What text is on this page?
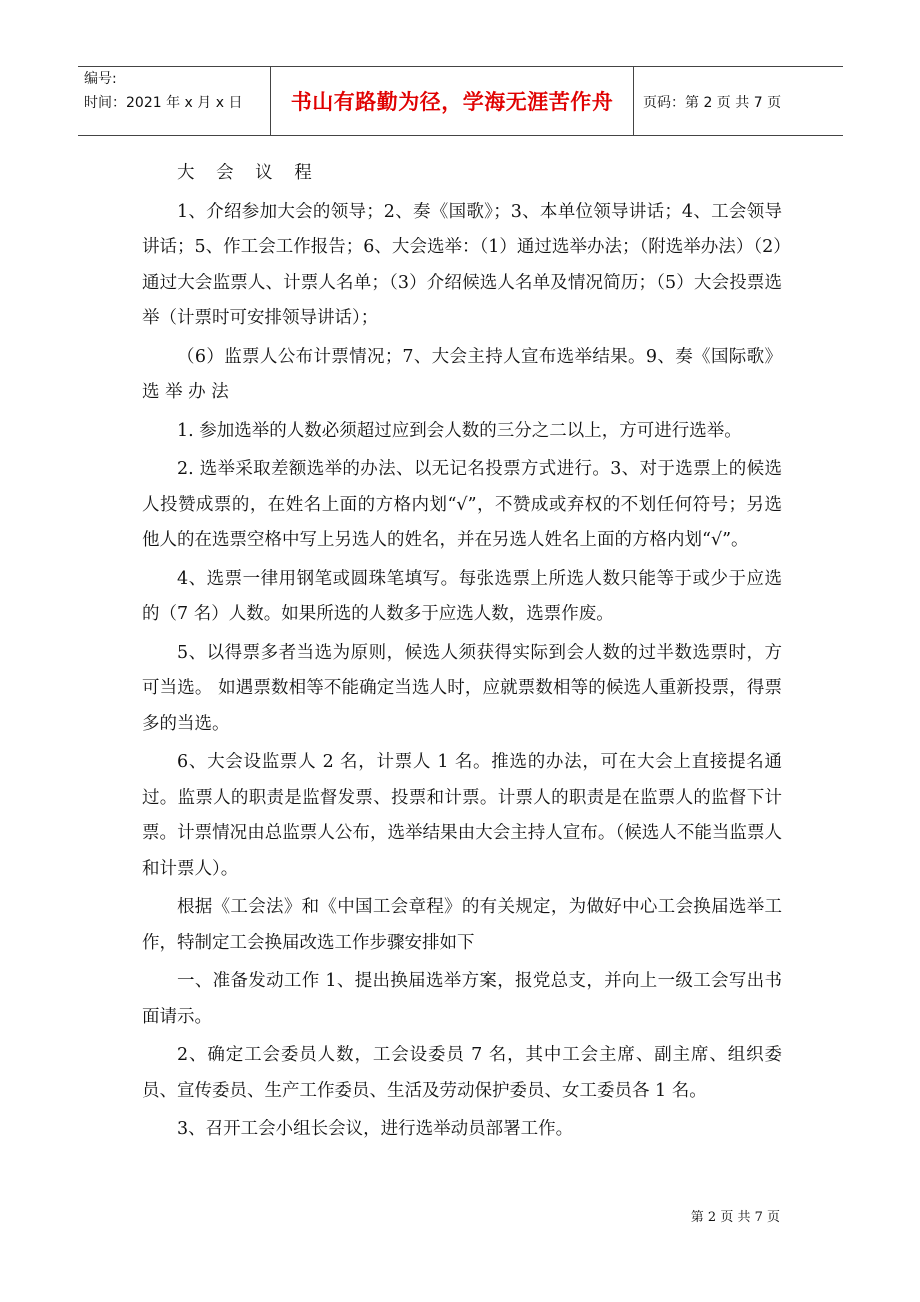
编号:
时间：2021 年 x 月 x 日 书山有路勤为径，学海无涯苦作舟 页码：第 2 页 共 7 页

大 会 议 程

1、介绍参加大会的领导；2、奏《国歌》；3、本单位领导讲话；4、工会领导讲话；5、作工会工作报告；6、大会选举：（1）通过选举办法；（附选举办法）（2）通过大会监票人、计票人名单；（3）介绍候选人名单及情况简历；（5）大会投票选举（计票时可安排领导讲话）；

（6）监票人公布计票情况；7、大会主持人宣布选举结果。9、奏《国际歌》选 举 办 法

1. 参加选举的人数必须超过应到会人数的三分之二以上，方可进行选举。

2. 选举采取差额选举的办法、以无记名投票方式进行。3、对于选票上的候选人投赞成票的，在姓名上面的方格内划“√”，不赞成或弃权的不划任何符号；另选他人的在选票空格中写上另选人的姓名，并在另选人姓名上面的方格内划“√”。

4、选票一律用钢笔或圆珠笔填写。每张选票上所选人数只能等于或少于应选的（7 名）人数。如果所选的人数多于应选人数，选票作废。

5、以得票多者当选为原则，候选人须获得实际到会人数的过半数选票时，方可当选。 如遇票数相等不能确定当选人时，应就票数相等的候选人重新投票，得票多的当选。

6、大会设监票人 2 名，计票人 1 名。推选的办法，可在大会上直接提名通过。监票人的职责是监督发票、投票和计票。计票人的职责是在监票人的监督下计票。计票情况由总监票人公布，选举结果由大会主持人宣布。（候选人不能当监票人和计票人）。

根据《工会法》和《中国工会章程》的有关规定，为做好中心工会换届选举工作，特制定工会换届改选工作步骤安排如下

一、准备发动工作 1、提出换届选举方案，报党总支，并向上一级工会写出书面请示。

2、确定工会委员人数，工会设委员 7 名，其中工会主席、副主席、组织委员、宣传委员、生产工作委员、生活及劳动保护委员、女工委员各 1 名。

3、召开工会小组长会议，进行选举动员部署工作。

第 2 页 共 7 页
